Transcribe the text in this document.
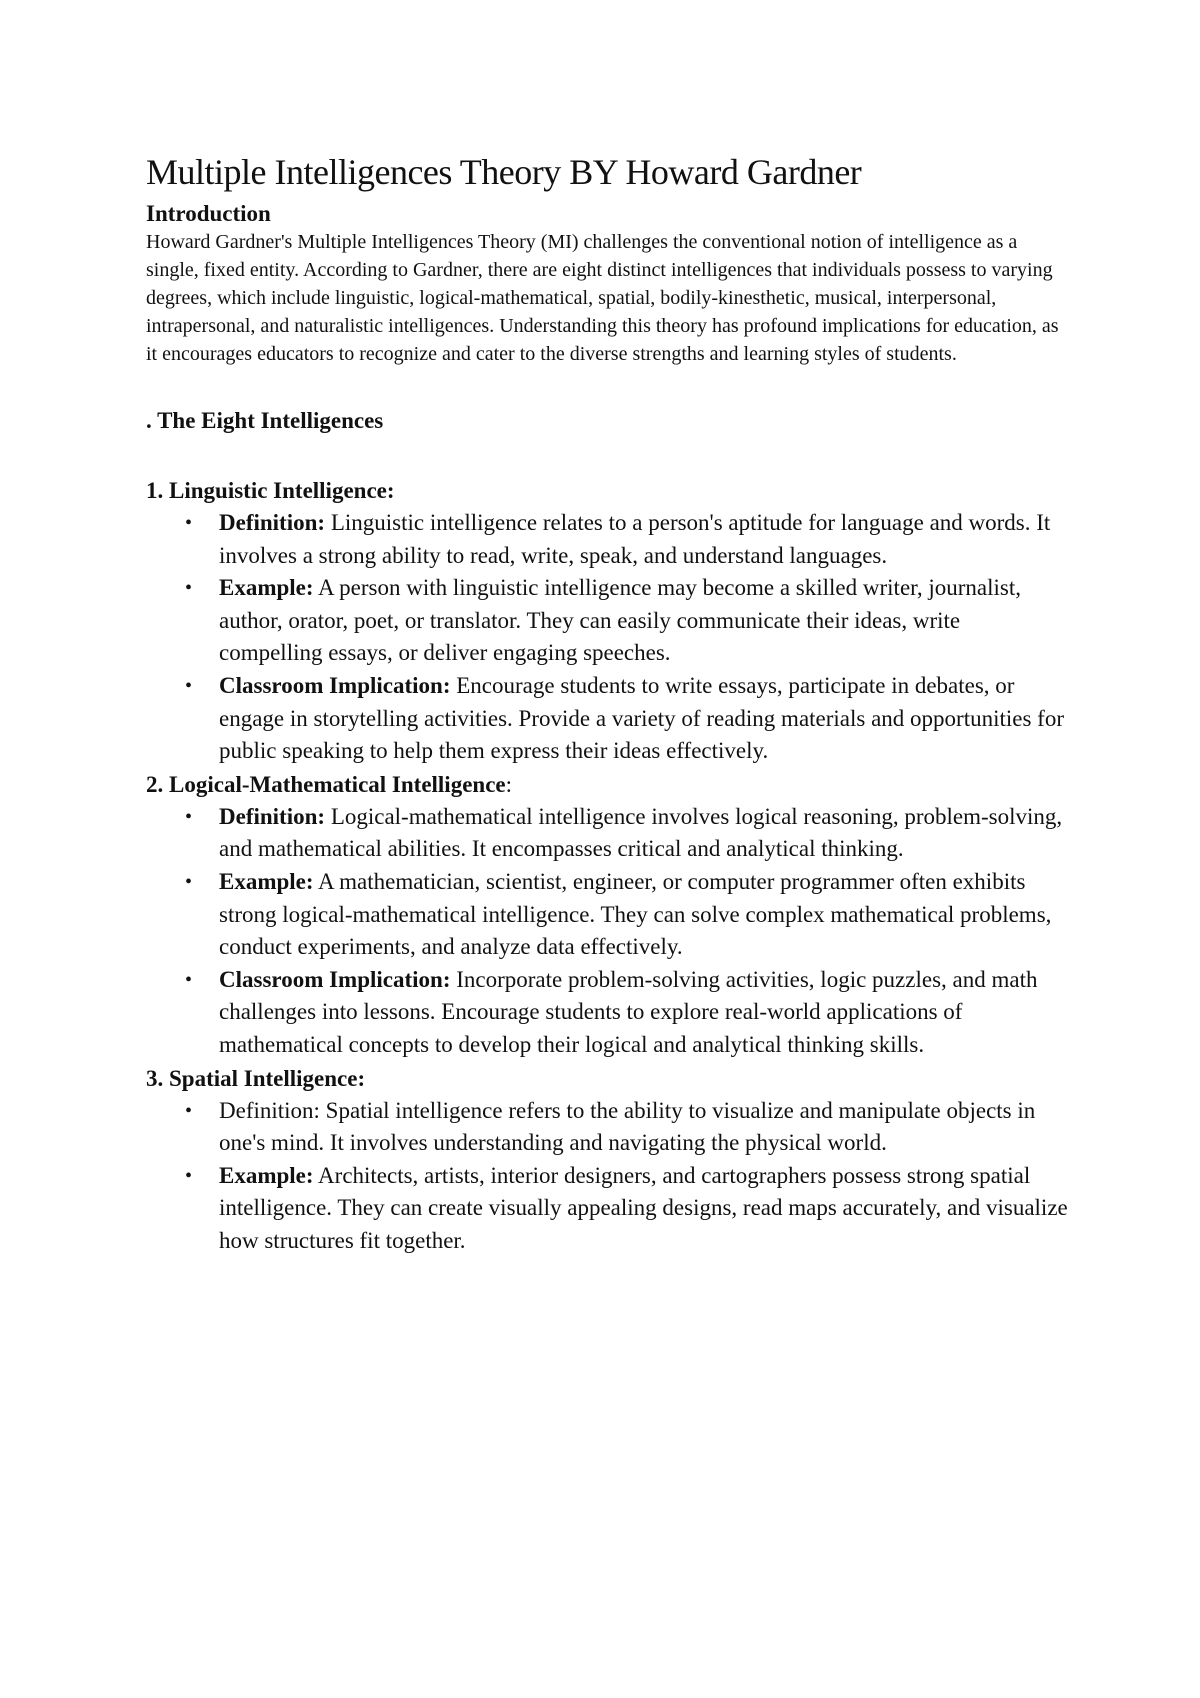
Multiple Intelligences Theory BY Howard Gardner

Introduction

Howard Gardner's Multiple Intelligences Theory (MI) challenges the conventional notion of intelligence as a single, fixed entity. According to Gardner, there are eight distinct intelligences that individuals possess to varying degrees, which include linguistic, logical-mathematical, spatial, bodily-kinesthetic, musical, interpersonal, intrapersonal, and naturalistic intelligences. Understanding this theory has profound implications for education, as it encourages educators to recognize and cater to the diverse strengths and learning styles of students.

. The Eight Intelligences

1. Linguistic Intelligence:

• Definition: Linguistic intelligence relates to a person's aptitude for language and words. It involves a strong ability to read, write, speak, and understand languages.
• Example: A person with linguistic intelligence may become a skilled writer, journalist, author, orator, poet, or translator. They can easily communicate their ideas, write compelling essays, or deliver engaging speeches.
• Classroom Implication: Encourage students to write essays, participate in debates, or engage in storytelling activities. Provide a variety of reading materials and opportunities for public speaking to help them express their ideas effectively.

2. Logical-Mathematical Intelligence:

• Definition: Logical-mathematical intelligence involves logical reasoning, problem-solving, and mathematical abilities. It encompasses critical and analytical thinking.
• Example: A mathematician, scientist, engineer, or computer programmer often exhibits strong logical-mathematical intelligence. They can solve complex mathematical problems, conduct experiments, and analyze data effectively.
• Classroom Implication: Incorporate problem-solving activities, logic puzzles, and math challenges into lessons. Encourage students to explore real-world applications of mathematical concepts to develop their logical and analytical thinking skills.

3. Spatial Intelligence:

• Definition: Spatial intelligence refers to the ability to visualize and manipulate objects in one's mind. It involves understanding and navigating the physical world.
• Example: Architects, artists, interior designers, and cartographers possess strong spatial intelligence. They can create visually appealing designs, read maps accurately, and visualize how structures fit together.
